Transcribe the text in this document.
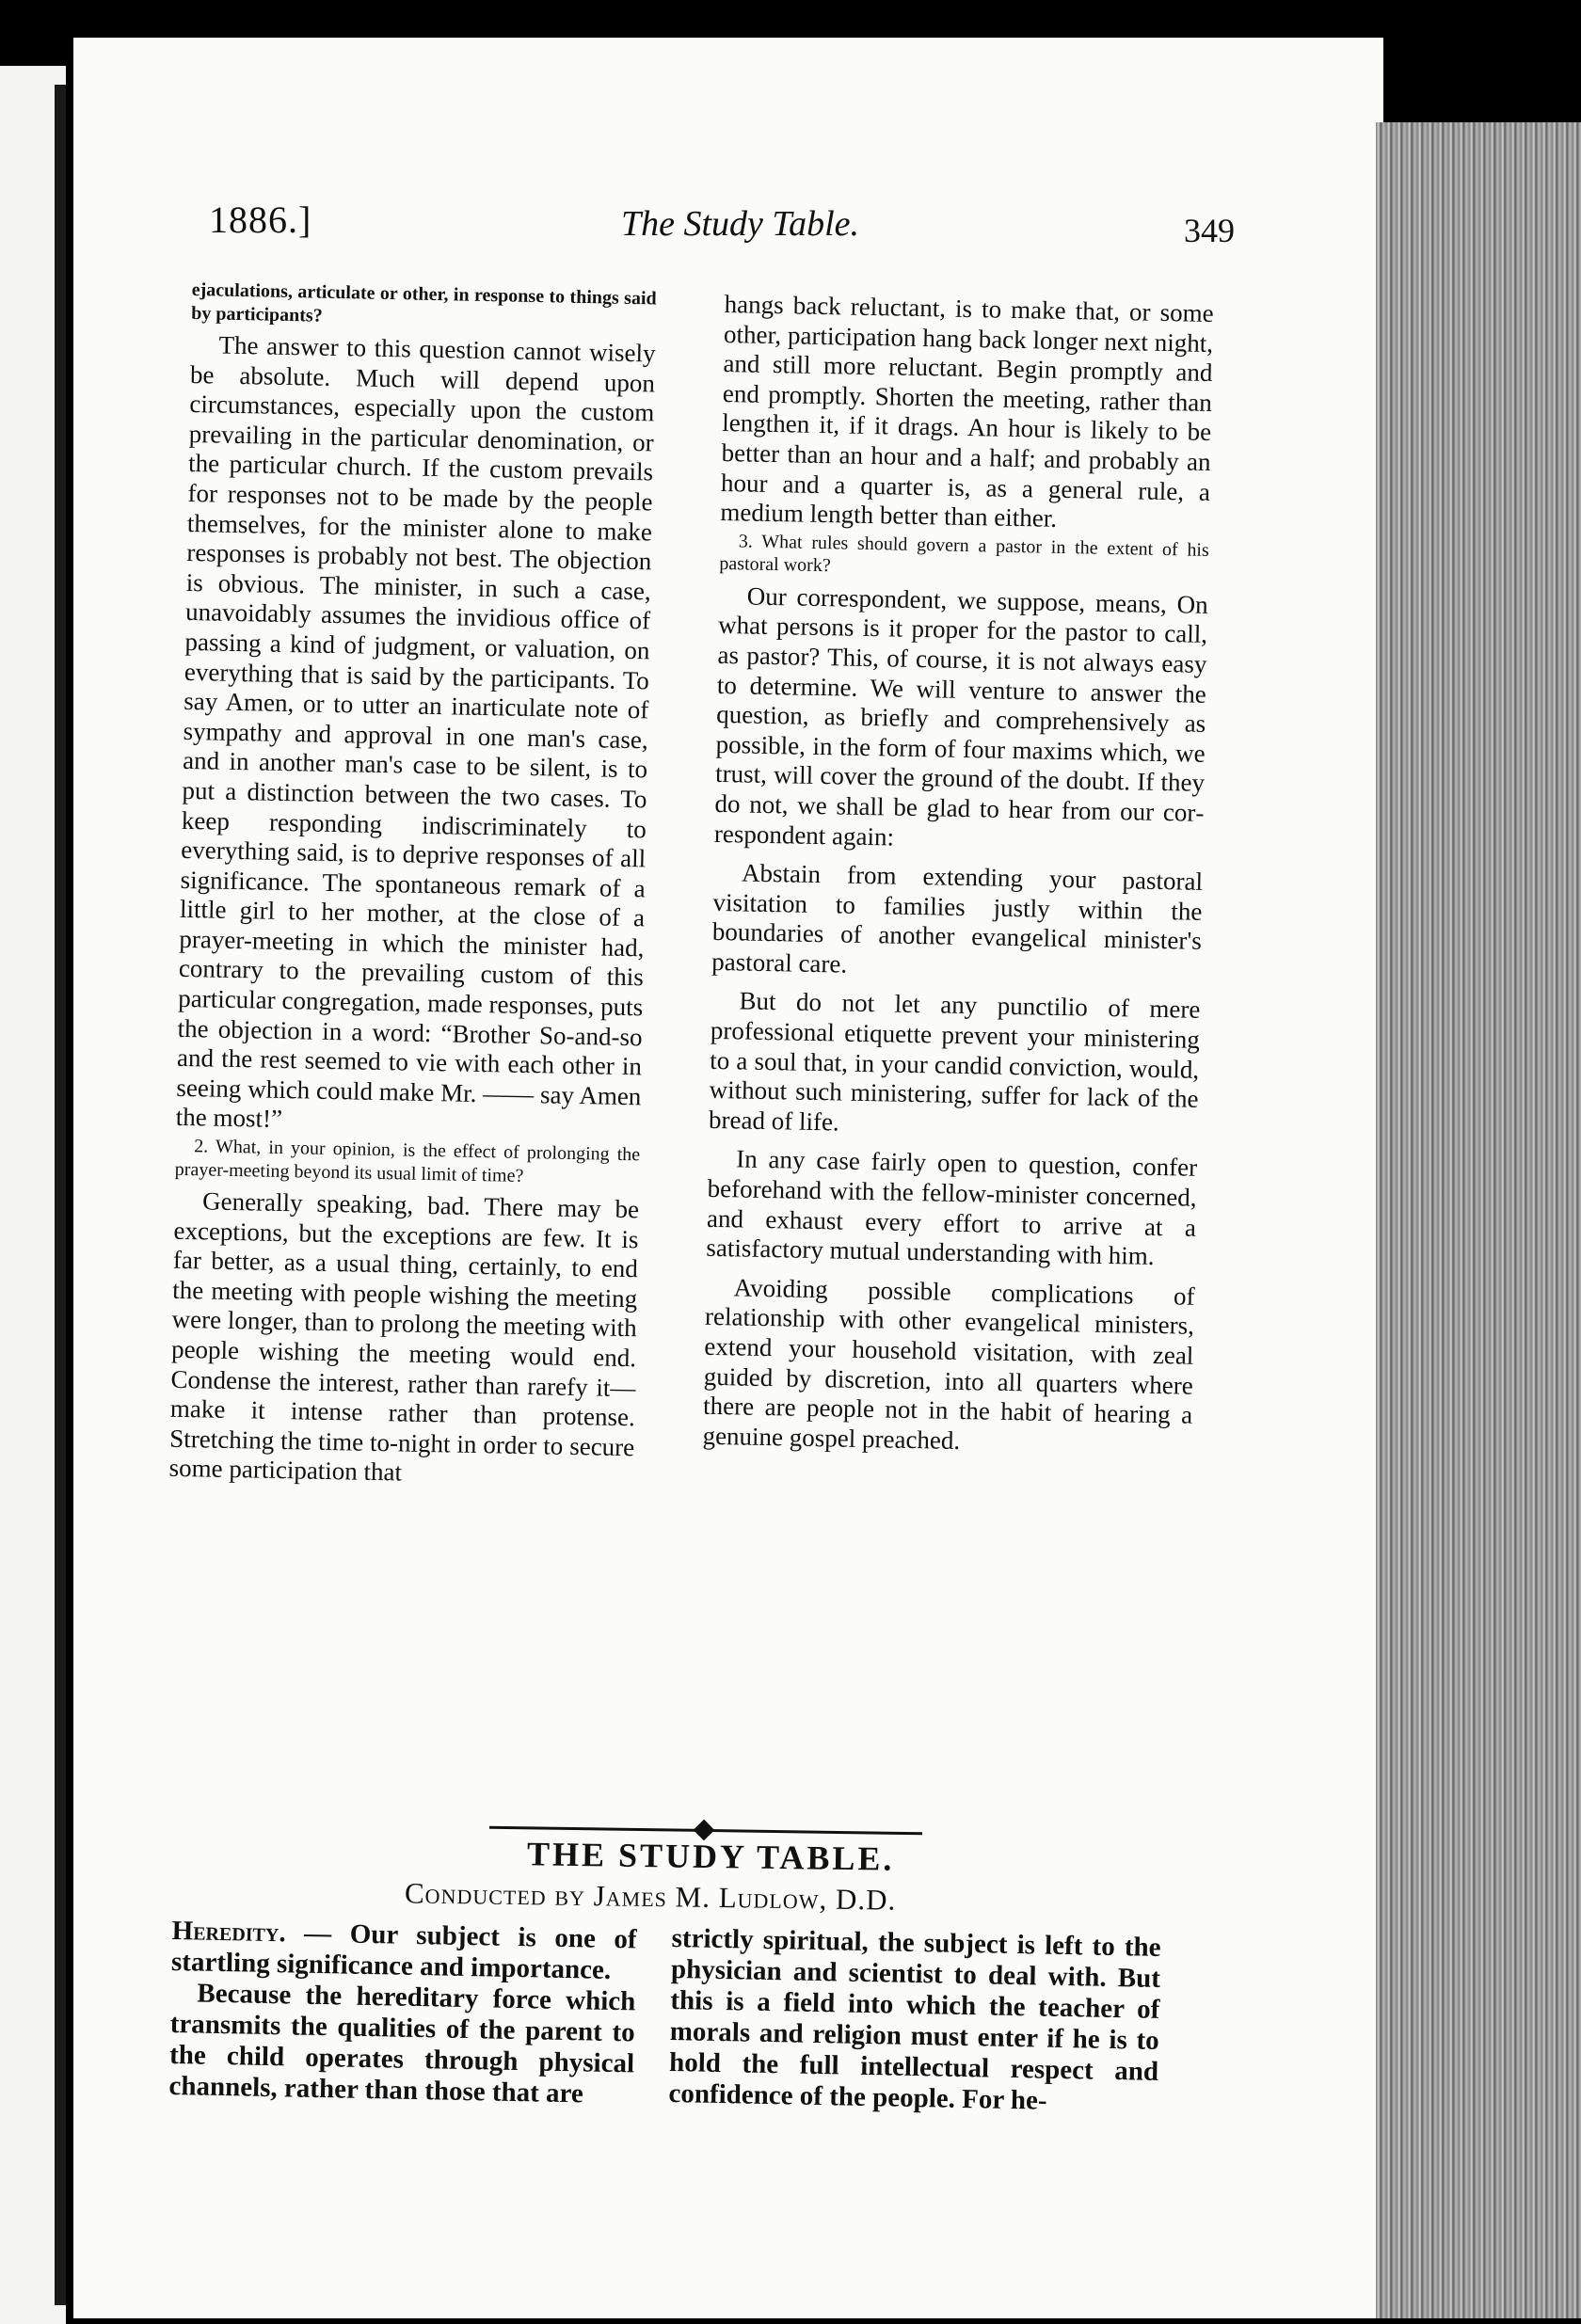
1886.]	The Study Table.	349

ejaculations, articulate or other, in response to things said by participants?

The answer to this question cannot wisely be absolute. Much will depend upon circumstances, especially upon the custom prevailing in the particular denomination, or the particular church. If the custom prevails for responses not to be made by the people themselves, for the minister alone to make responses is probably not best. The objection is obvious. The minister, in such a case, unavoidably assumes the invidious office of passing a kind of judgment, or valuation, on everything that is said by the participants. To say Amen, or to utter an inarticulate note of sympathy and approval in one man's case, and in another man's case to be silent, is to put a distinction between the two cases. To keep responding indiscriminately to everything said, is to deprive responses of all significance. The spontaneous remark of a little girl to her mother, at the close of a prayer-meeting in which the minister had, contrary to the prevailing custom of this particular congregation, made responses, puts the objection in a word: “Brother So-and-so and the rest seemed to vie with each other in seeing which could make Mr. —— say Amen the most!”

2. What, in your opinion, is the effect of prolonging the prayer-meeting beyond its usual limit of time?

Generally speaking, bad. There may be exceptions, but the exceptions are few. It is far better, as a usual thing, certainly, to end the meeting with people wishing the meeting were longer, than to prolong the meeting with people wishing the meeting would end. Condense the interest, rather than rarefy it—make it intense rather than protense. Stretching the time to-night in order to secure some participation that

hangs back reluctant, is to make that, or some other, participation hang back longer next night, and still more reluctant. Begin promptly and end promptly. Shorten the meeting, rather than lengthen it, if it drags. An hour is likely to be better than an hour and a half; and probably an hour and a quarter is, as a general rule, a medium length better than either.

3. What rules should govern a pastor in the extent of his pastoral work?

Our correspondent, we suppose, means, On what persons is it proper for the pastor to call, as pastor? This, of course, it is not always easy to determine. We will venture to answer the question, as briefly and comprehensively as possible, in the form of four maxims which, we trust, will cover the ground of the doubt. If they do not, we shall be glad to hear from our correspondent again:

Abstain from extending your pastoral visitation to families justly within the boundaries of another evangelical minister's pastoral care.

But do not let any punctilio of mere professional etiquette prevent your ministering to a soul that, in your candid conviction, would, without such ministering, suffer for lack of the bread of life.

In any case fairly open to question, confer beforehand with the fellow-minister concerned, and exhaust every effort to arrive at a satisfactory mutual understanding with him.

Avoiding possible complications of relationship with other evangelical ministers, extend your household visitation, with zeal guided by discretion, into all quarters where there are people not in the habit of hearing a genuine gospel preached.

THE STUDY TABLE.
Conducted by James M. Ludlow, D.D.

Heredity. — Our subject is one of startling significance and importance.

Because the hereditary force which transmits the qualities of the parent to the child operates through physical channels, rather than those that are

strictly spiritual, the subject is left to the physician and scientist to deal with. But this is a field into which the teacher of morals and religion must enter if he is to hold the full intellectual respect and confidence of the people. For he-
